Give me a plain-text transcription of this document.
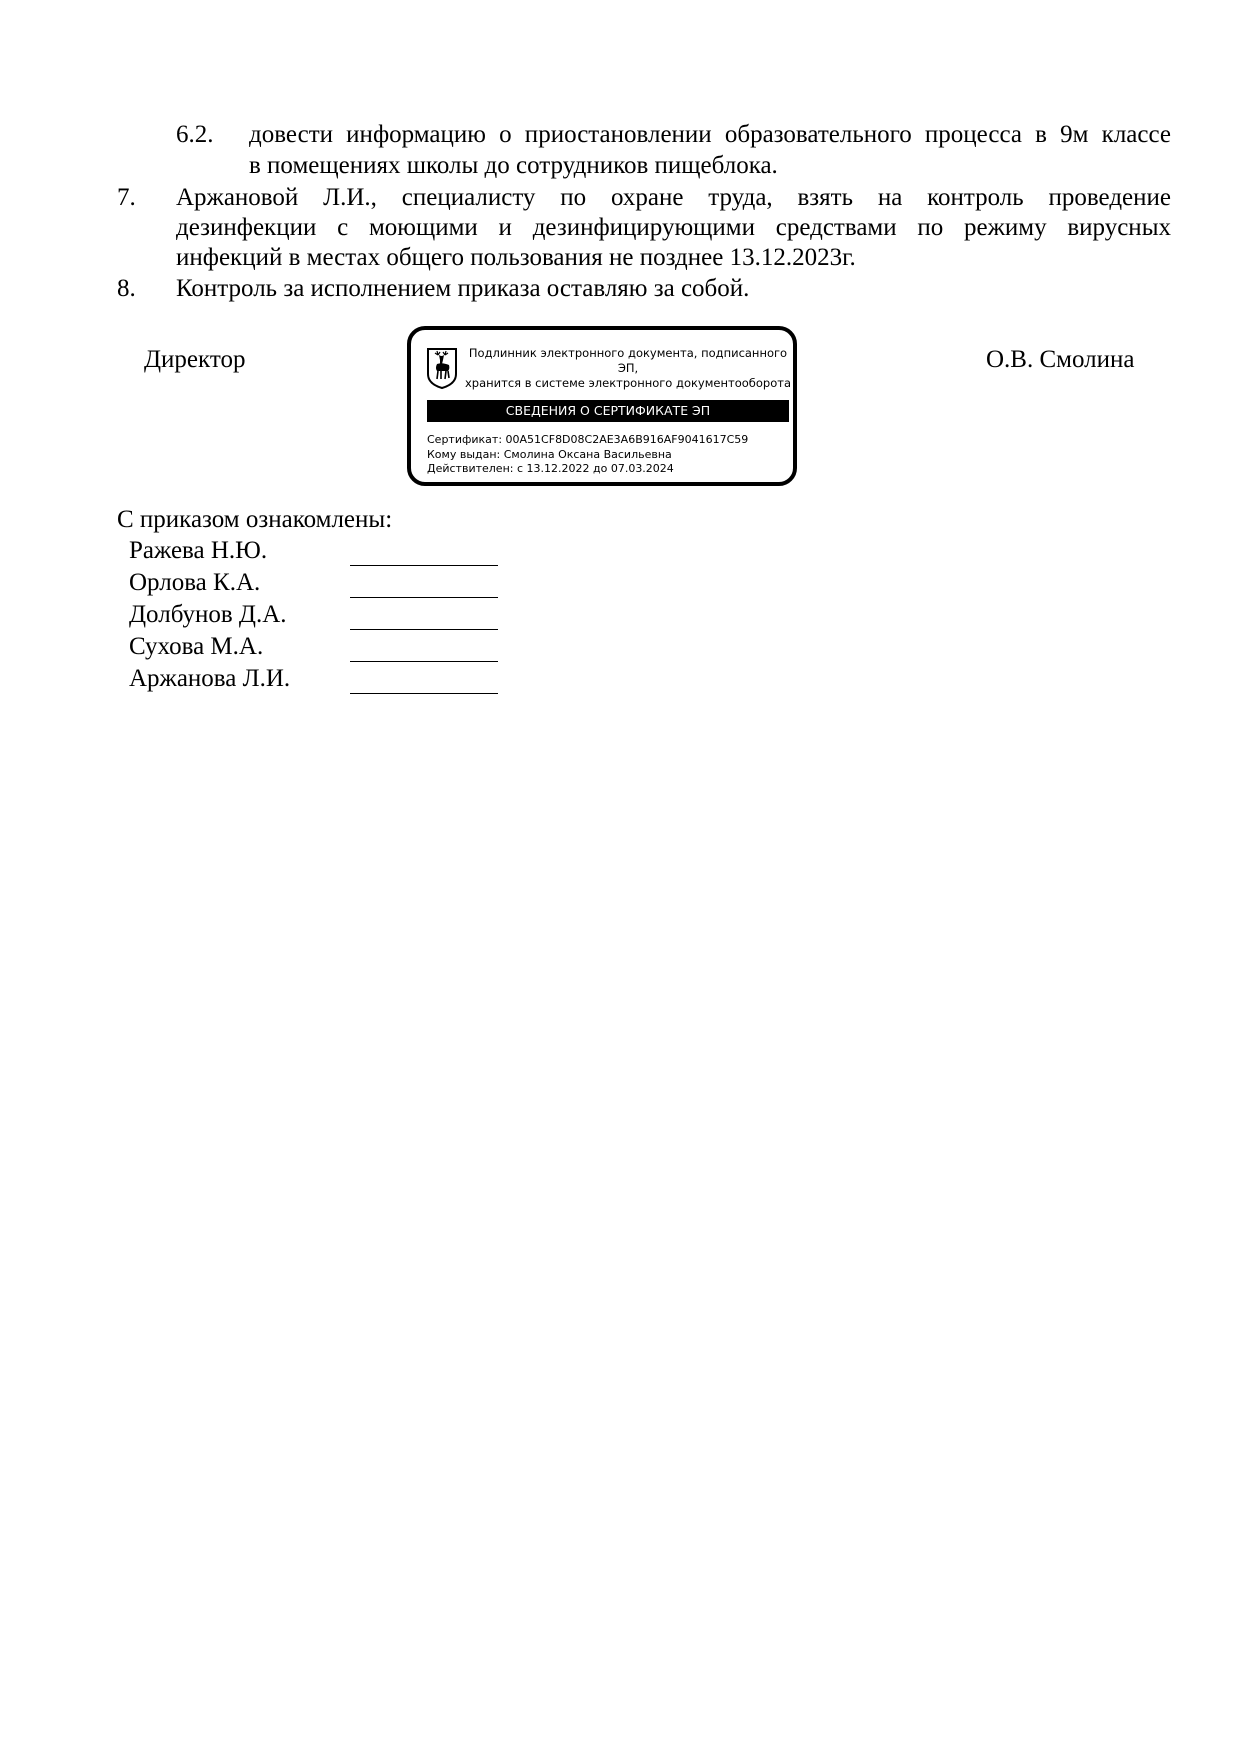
6.2. довести информацию о приостановлении образовательного процесса в 9м классе
в помещениях школы до сотрудников пищеблока.
7. Аржановой Л.И., специалисту по охране труда, взять на контроль проведение
дезинфекции с моющими и дезинфицирующими средствами по режиму вирусных
инфекций в местах общего пользования не позднее 13.12.2023г.
8. Контроль за исполнением приказа оставляю за собой.
Директор	О.В. Смолина
Подлинник электронного документа, подписанного ЭП,
хранится в системе электронного документооборота
СВЕДЕНИЯ О СЕРТИФИКАТЕ ЭП
Сертификат: 00A51CF8D08C2AE3A6B916AF9041617C59
Кому выдан: Смолина Оксана Васильевна
Действителен: с 13.12.2022 до 07.03.2024
С приказом ознакомлены:
Ражева Н.Ю.
Орлова К.А.
Долбунов Д.А.
Сухова М.А.
Аржанова Л.И.
